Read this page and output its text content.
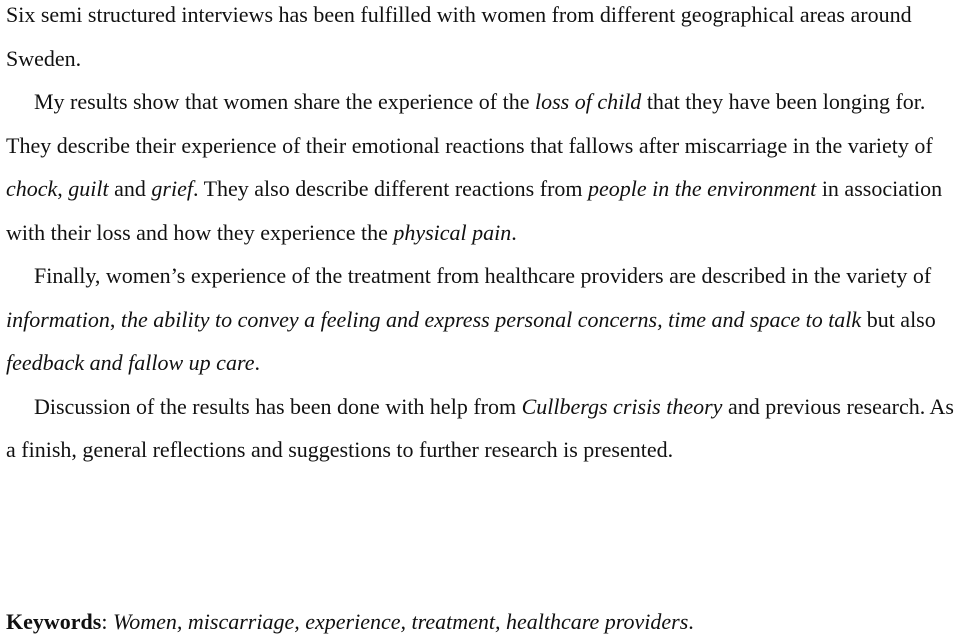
Six semi structured interviews has been fulfilled with women from different geographical areas around Sweden.

My results show that women share the experience of the loss of child that they have been longing for. They describe their experience of their emotional reactions that fallows after miscarriage in the variety of chock, guilt and grief. They also describe different reactions from people in the environment in association with their loss and how they experience the physical pain.

Finally, women’s experience of the treatment from healthcare providers are described in the variety of information, the ability to convey a feeling and express personal concerns, time and space to talk but also feedback and fallow up care.

Discussion of the results has been done with help from Cullbergs crisis theory and previous research. As a finish, general reflections and suggestions to further research is presented.

Keywords: Women, miscarriage, experience, treatment, healthcare providers.
